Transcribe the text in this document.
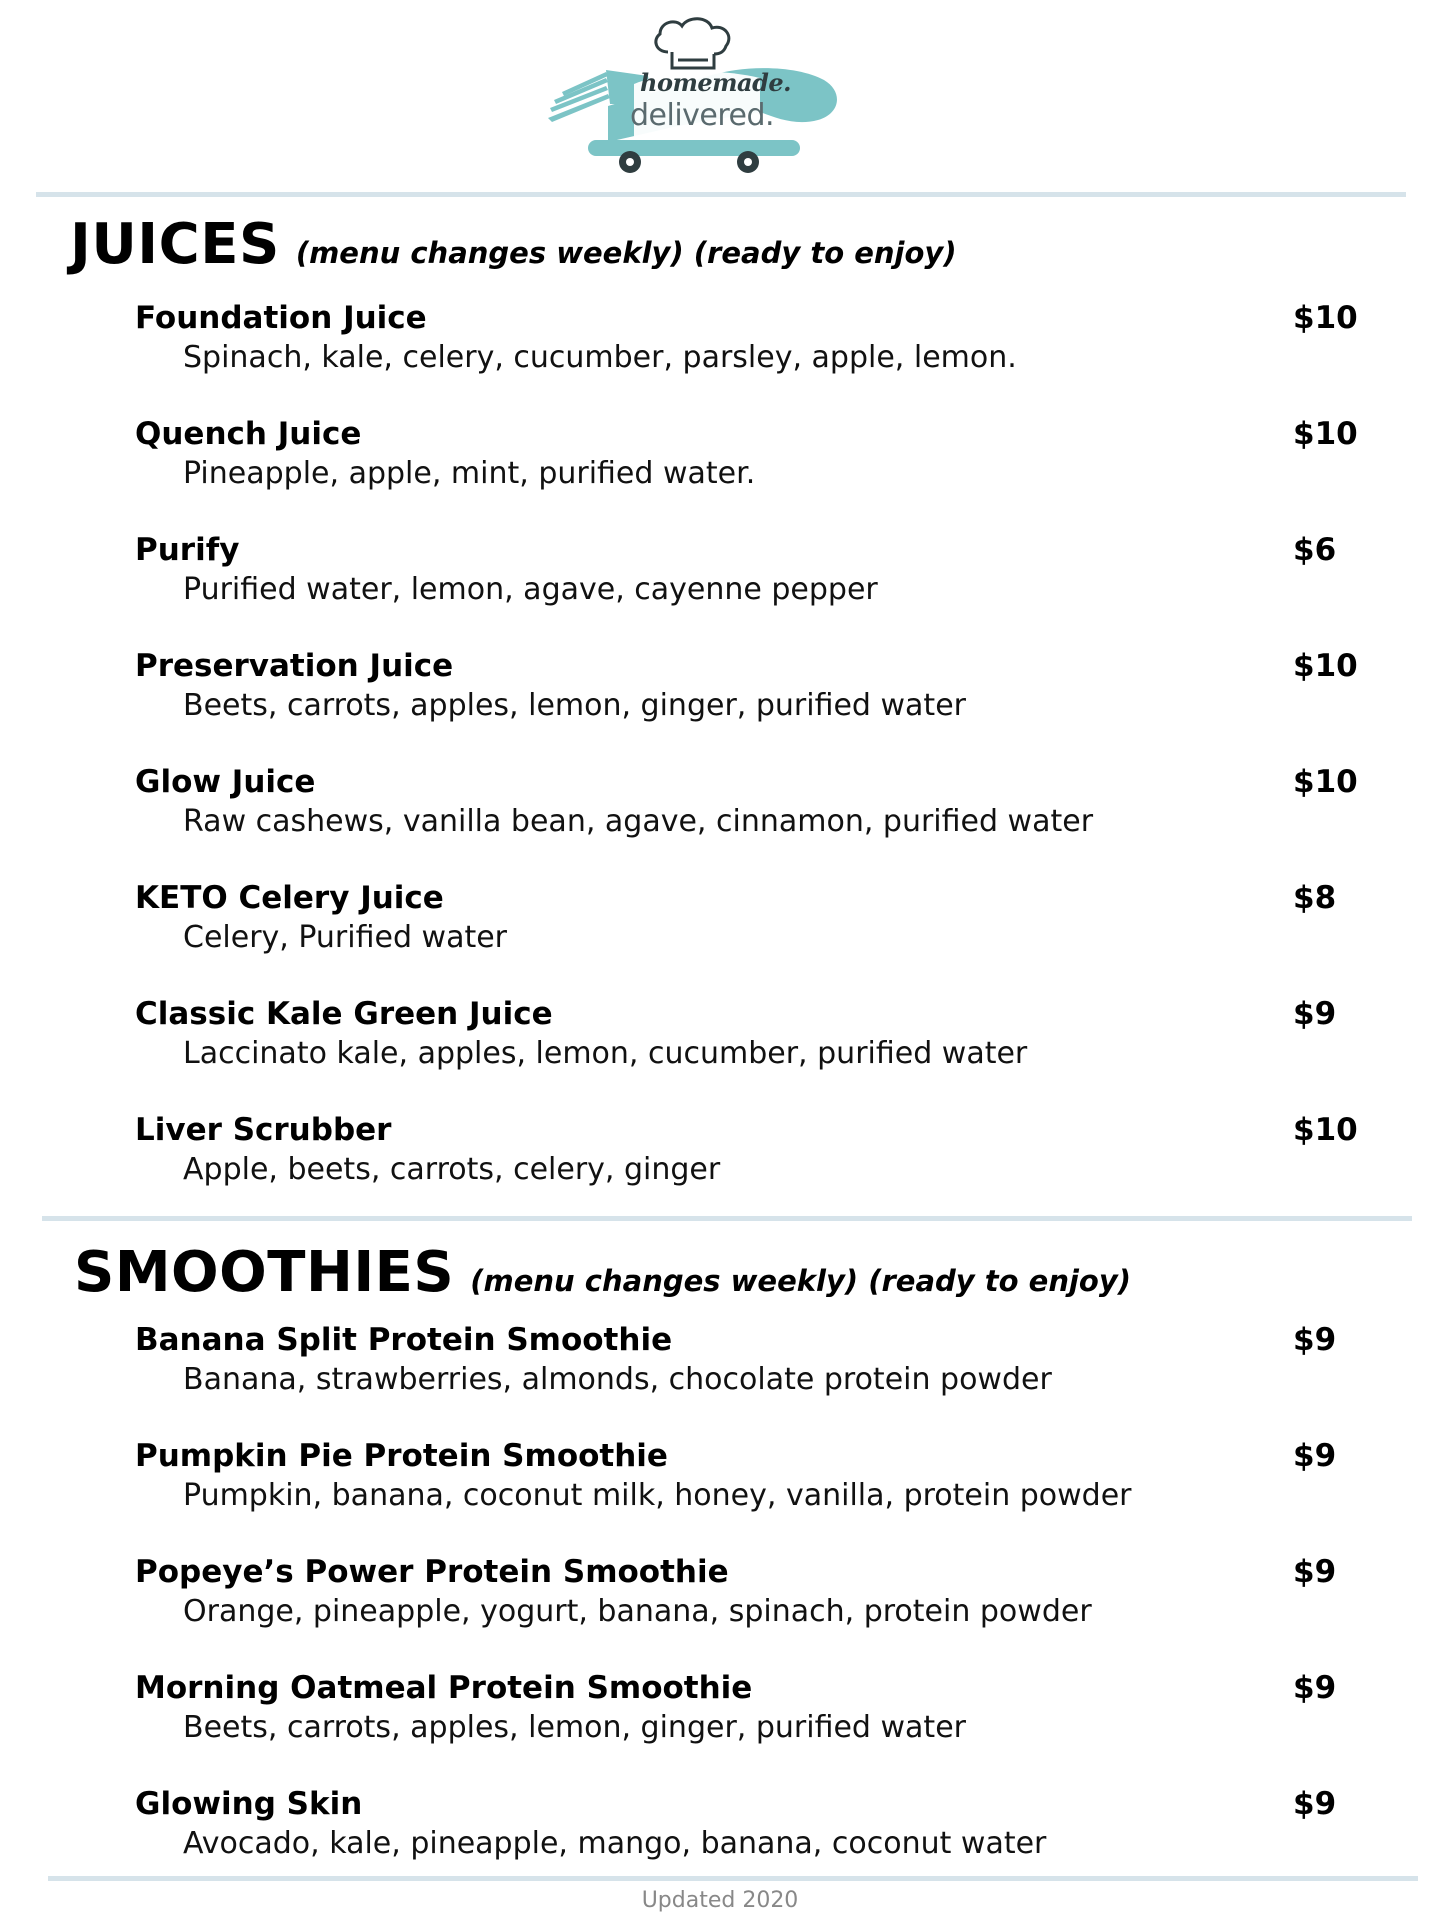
homemade.
delivered.
JUICES (menu changes weekly) (ready to enjoy)
Foundation Juice
Spinach, kale, celery, cucumber, parsley, apple, lemon.
$10
Quench Juice
Pineapple, apple, mint, purified water.
$10
Purify
Purified water, lemon, agave, cayenne pepper
$6
Preservation Juice
Beets, carrots, apples, lemon, ginger, purified water
$10
Glow Juice
Raw cashews, vanilla bean, agave, cinnamon, purified water
$10
KETO Celery Juice
Celery, Purified water
$8
Classic Kale Green Juice
Laccinato kale, apples, lemon, cucumber, purified water
$9
Liver Scrubber
Apple, beets, carrots, celery, ginger
$10
SMOOTHIES (menu changes weekly) (ready to enjoy)
Banana Split Protein Smoothie
Banana, strawberries, almonds, chocolate protein powder
$9
Pumpkin Pie Protein Smoothie
Pumpkin, banana, coconut milk, honey, vanilla, protein powder
$9
Popeye’s Power Protein Smoothie
Orange, pineapple, yogurt, banana, spinach, protein powder
$9
Morning Oatmeal Protein Smoothie
Beets, carrots, apples, lemon, ginger, purified water
$9
Glowing Skin
Avocado, kale, pineapple, mango, banana, coconut water
$9
Updated 2020
